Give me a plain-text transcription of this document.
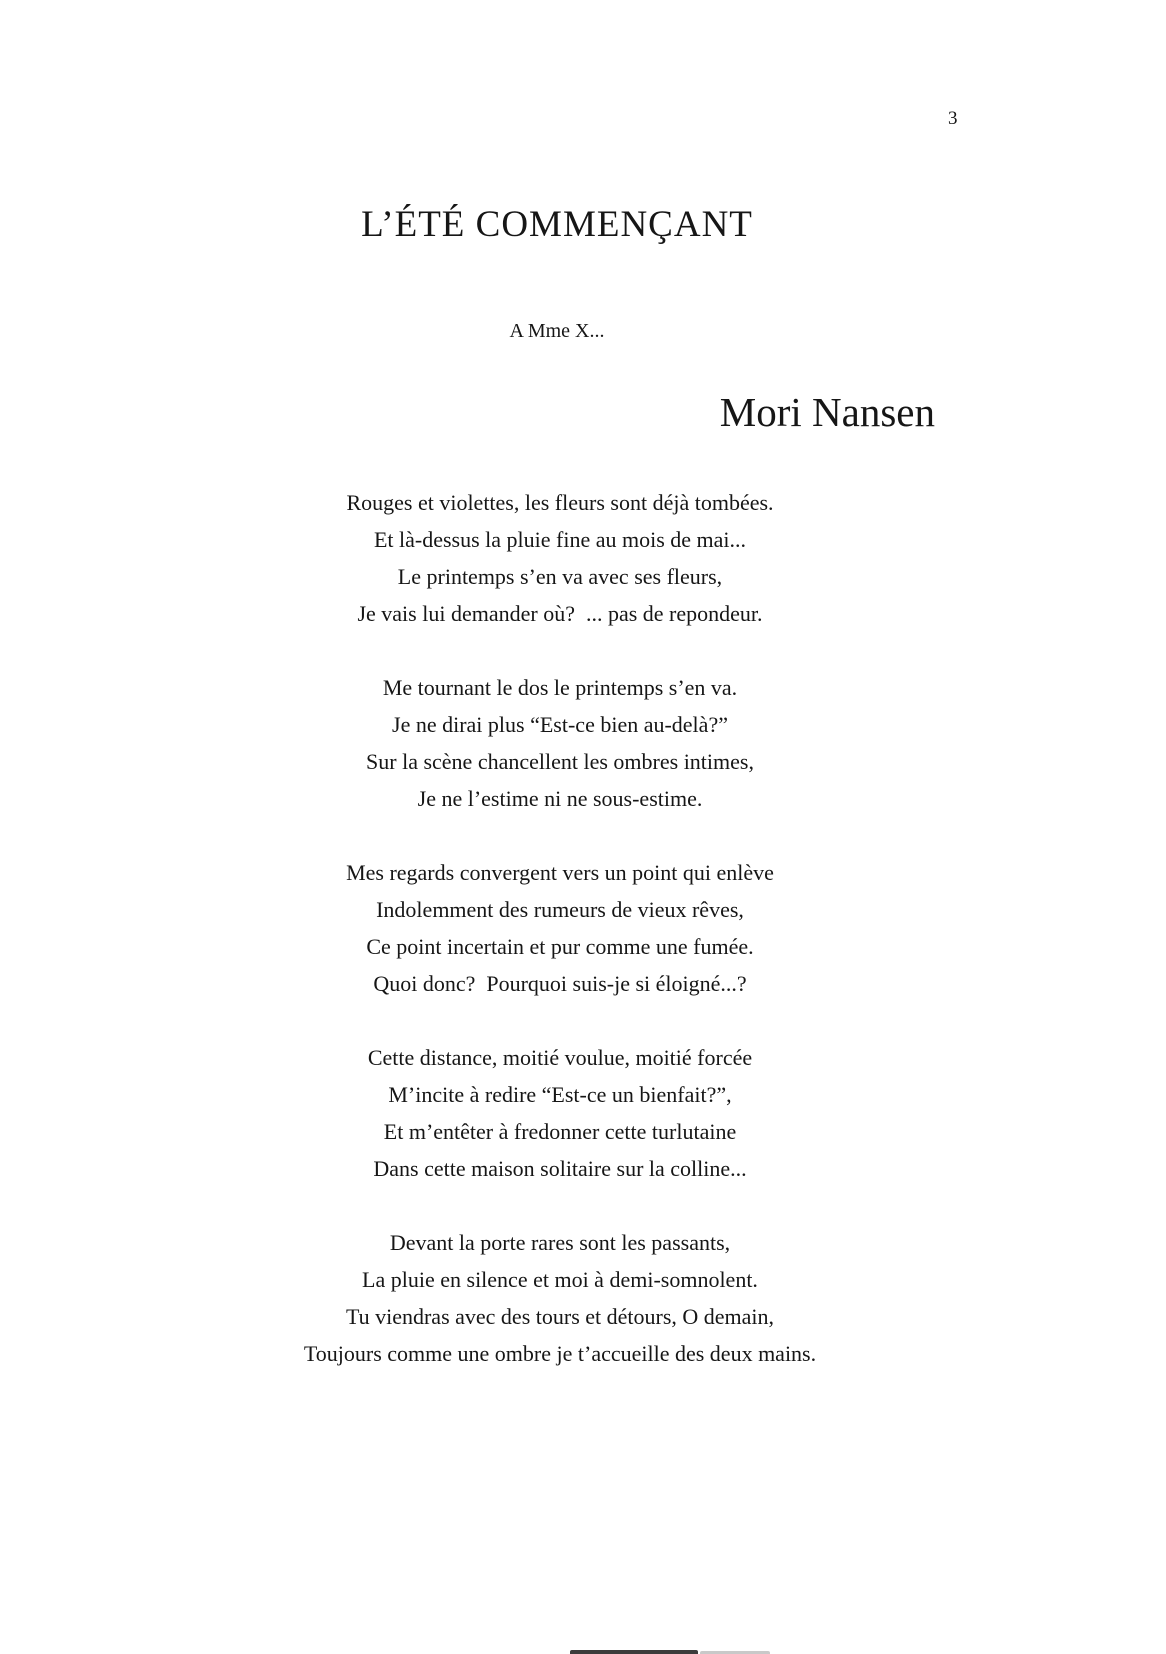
3
L’ÉTÉ COMMENÇANT
A Mme X...
Mori Nansen
Rouges et violettes, les fleurs sont déjà tombées.
Et là-dessus la pluie fine au mois de mai...
Le printemps s’en va avec ses fleurs,
Je vais lui demander où?  ... pas de repondeur.
Me tournant le dos le printemps s’en va.
Je ne dirai plus “Est-ce bien au-delà?”
Sur la scène chancellent les ombres intimes,
Je ne l’estime ni ne sous-estime.
Mes regards convergent vers un point qui enlève
Indolemment des rumeurs de vieux rêves,
Ce point incertain et pur comme une fumée.
Quoi donc?  Pourquoi suis-je si éloigné...?
Cette distance, moitié voulue, moitié forcée
M’incite à redire “Est-ce un bienfait?”,
Et m’entêter à fredonner cette turlutaine
Dans cette maison solitaire sur la colline...
Devant la porte rares sont les passants,
La pluie en silence et moi à demi-somnolent.
Tu viendras avec des tours et détours, O demain,
Toujours comme une ombre je t’accueille des deux mains.
